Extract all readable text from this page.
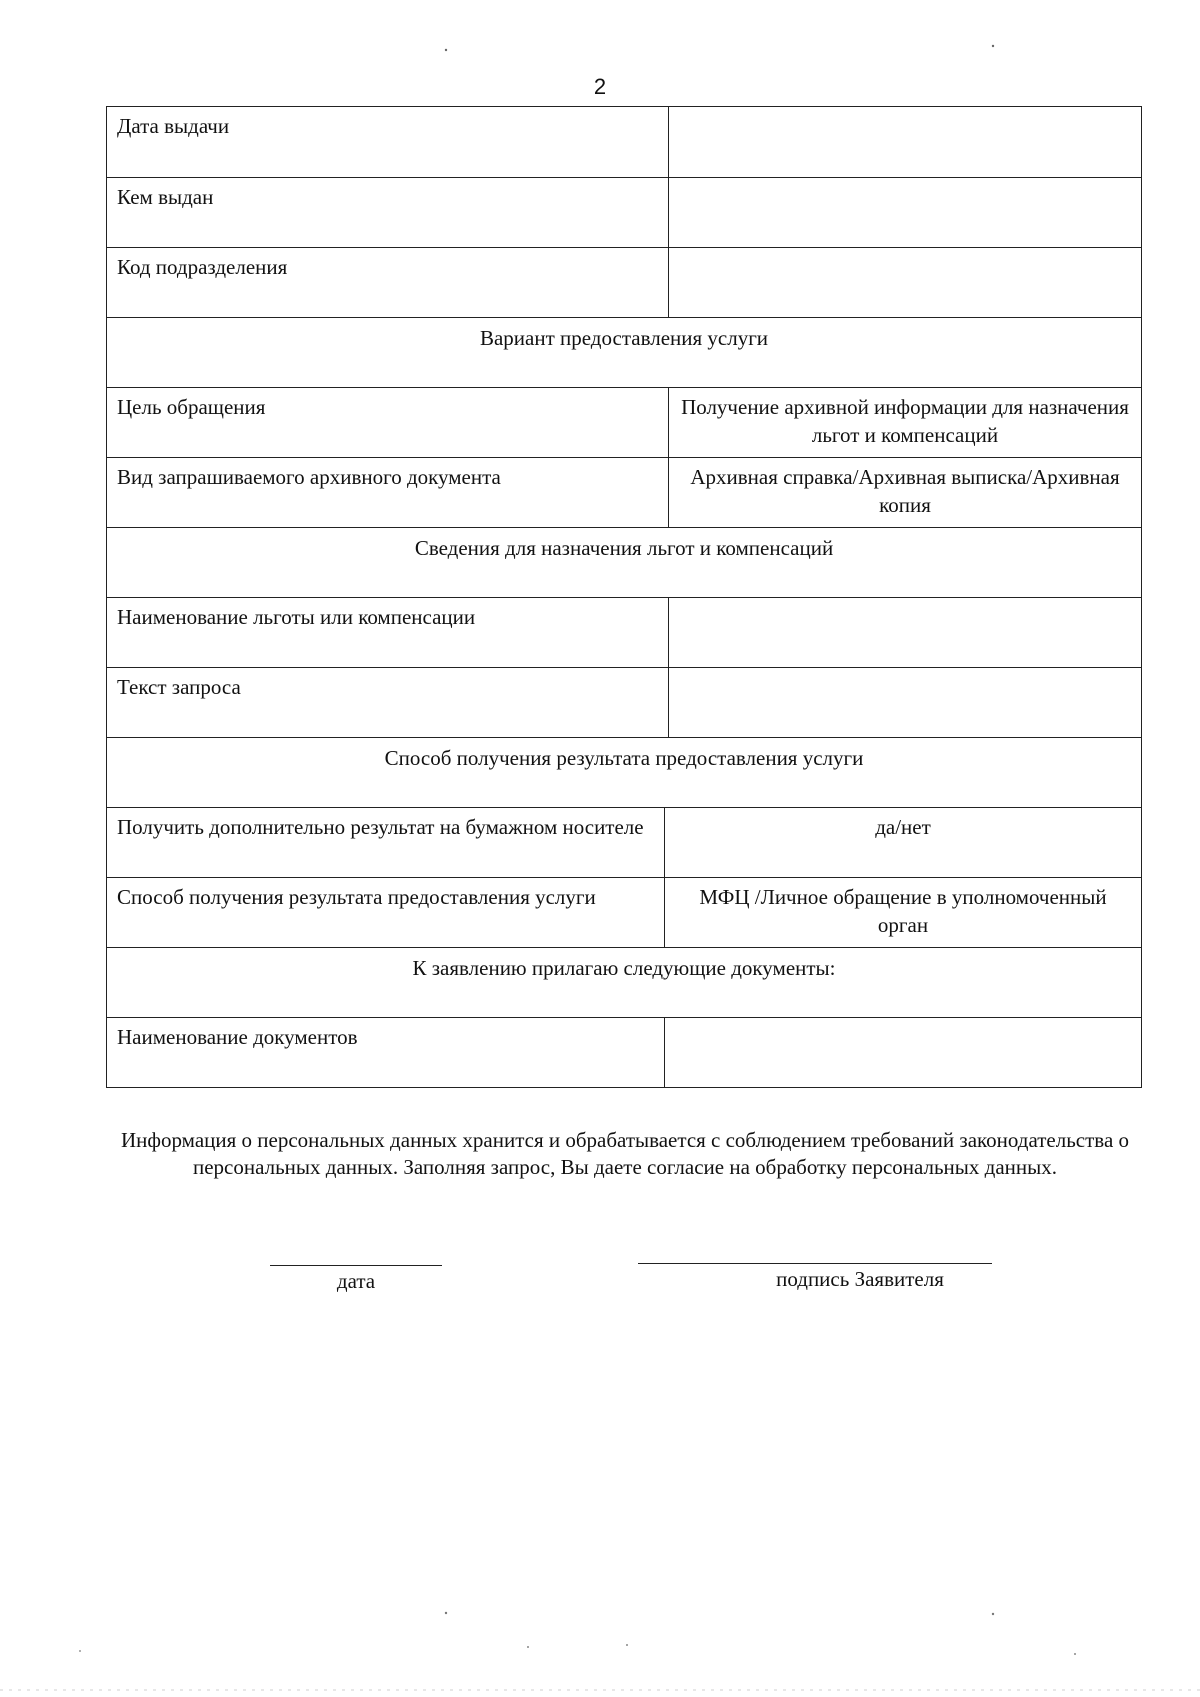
2
Дата выдачи
Кем выдан
Код подразделения
Вариант предоставления услуги
Цель обращения	Получение архивной информации для назначения льгот и компенсаций
Вид запрашиваемого архивного документа	Архивная справка/Архивная выписка/Архивная копия
Сведения для назначения льгот и компенсаций
Наименование льготы или компенсации
Текст запроса
Способ получения результата предоставления услуги
Получить дополнительно результат на бумажном носителе	да/нет
Способ получения результата предоставления услуги	МФЦ /Личное обращение в уполномоченный орган
К заявлению прилагаю следующие документы:
Наименование документов
Информация о персональных данных хранится и обрабатывается с соблюдением требований законодательства о персональных данных. Заполняя запрос, Вы даете согласие на обработку персональных данных.
дата	подпись Заявителя
